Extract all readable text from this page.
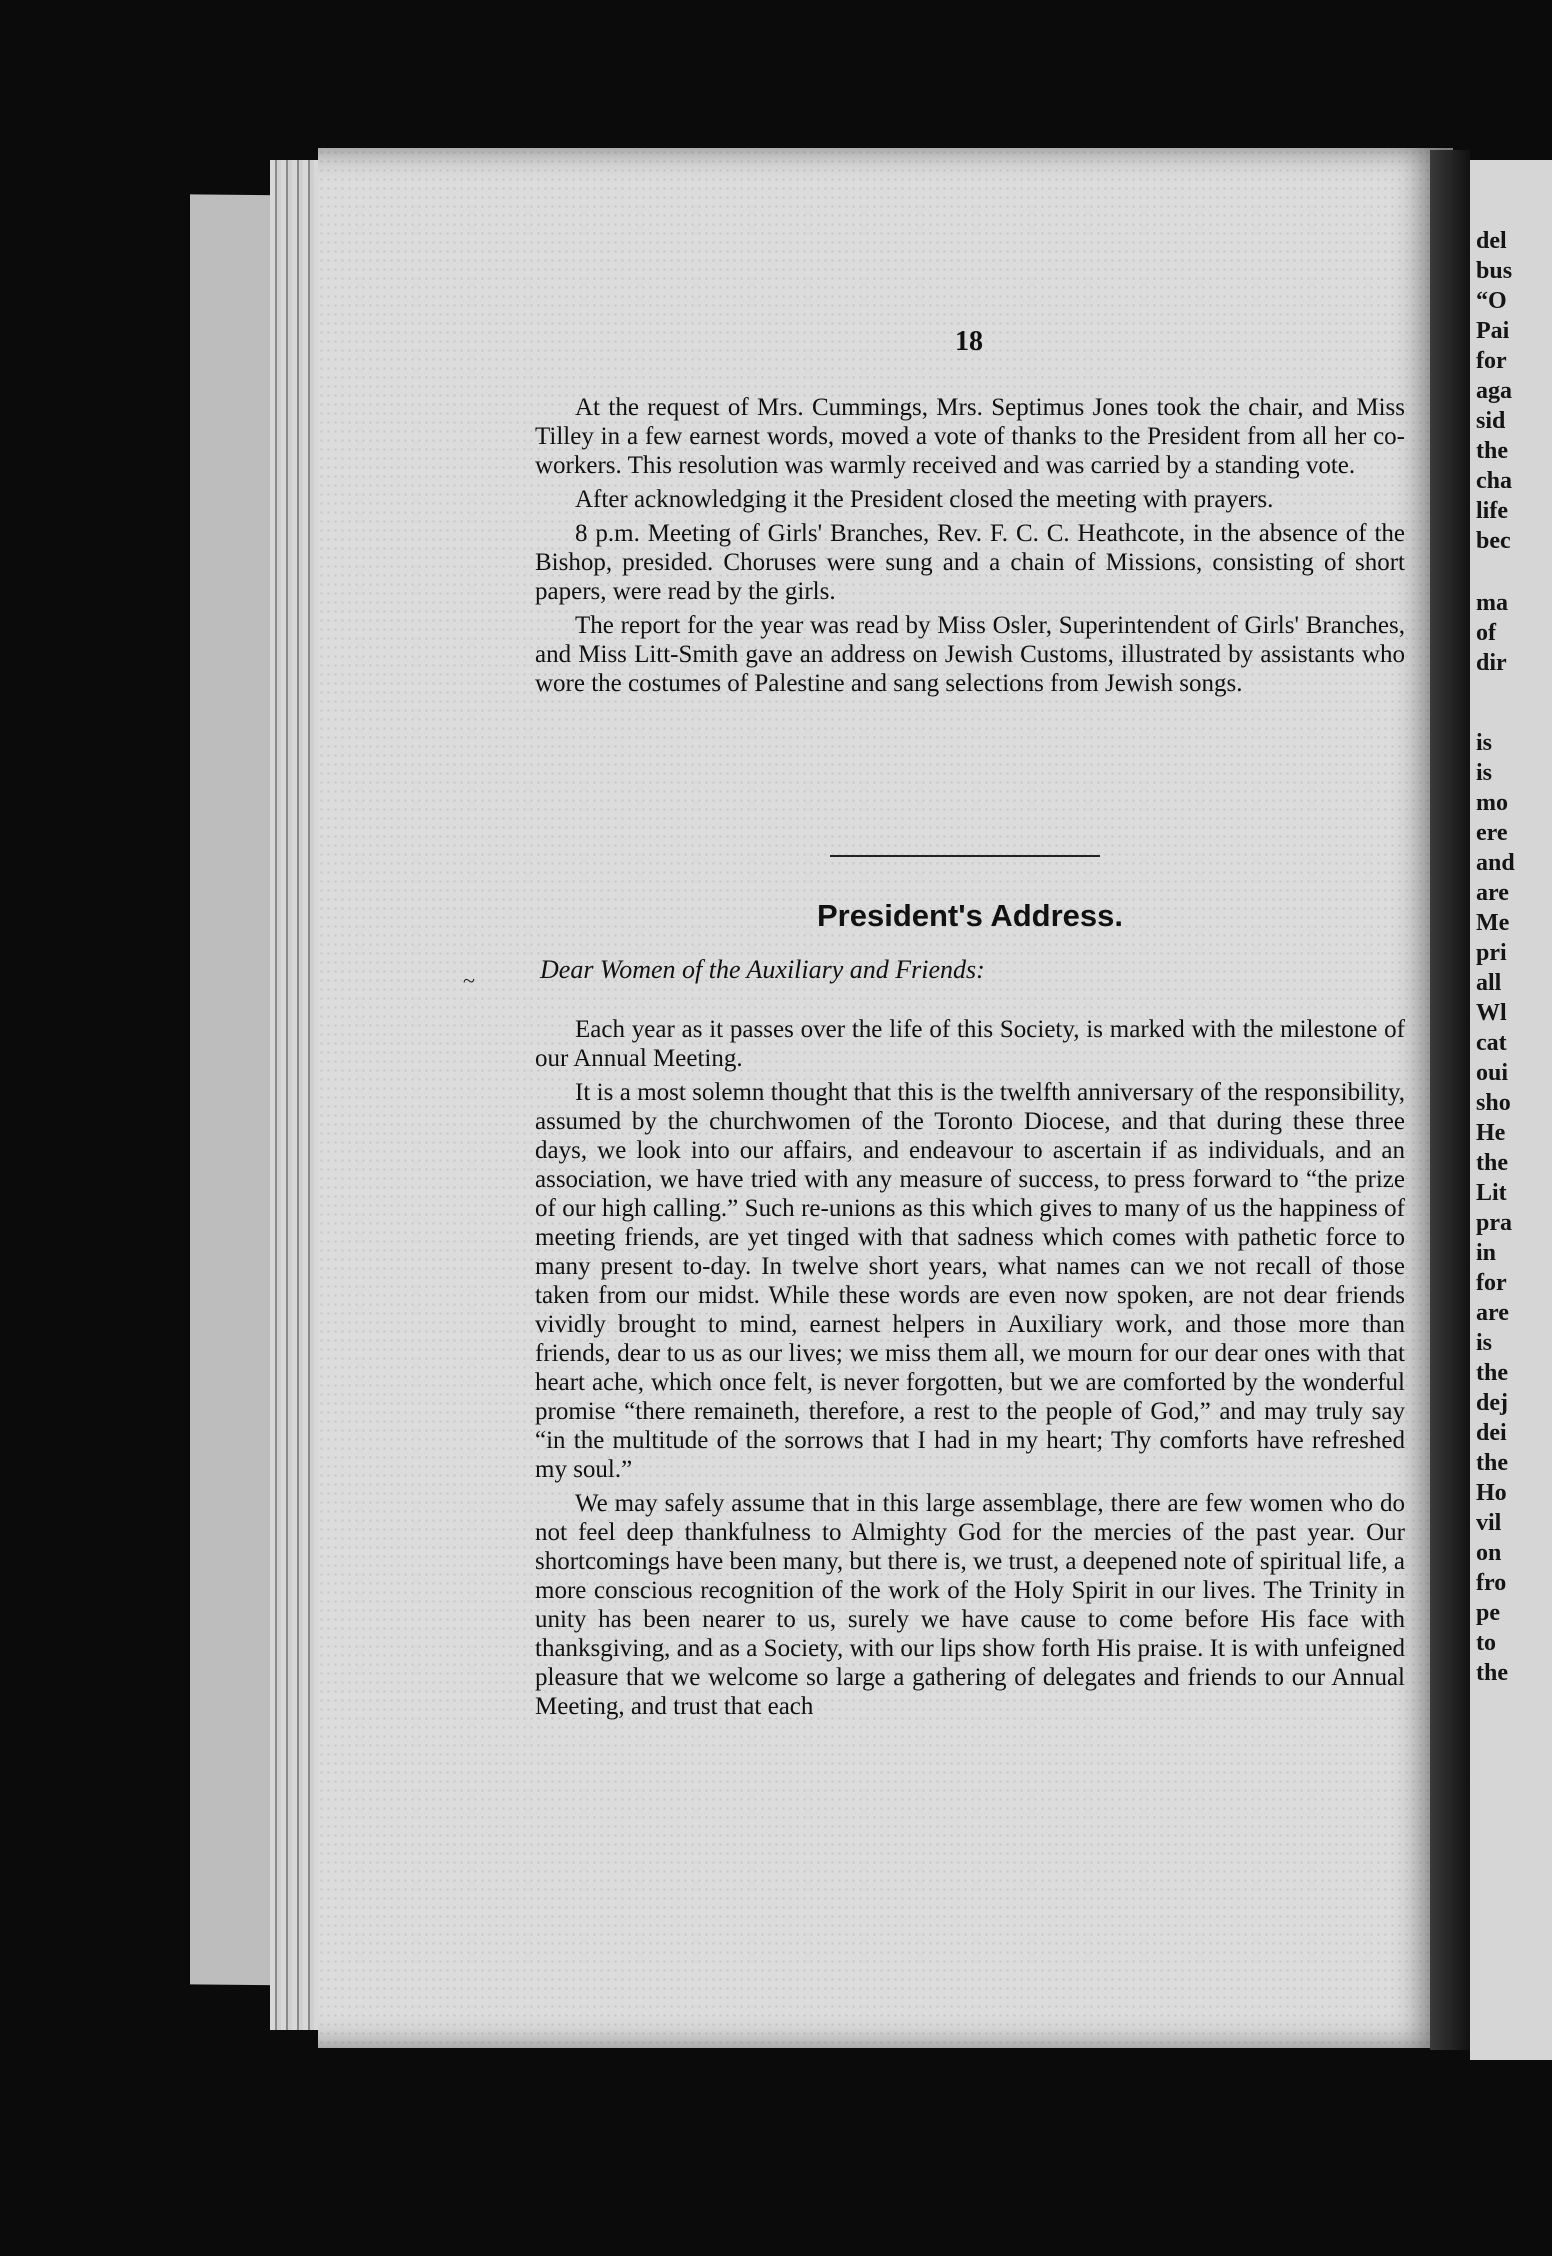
18

At the request of Mrs. Cummings, Mrs. Septimus Jones took the chair, and Miss Tilley in a few earnest words, moved a vote of thanks to the President from all her co-workers. This resolution was warmly received and was carried by a standing vote.

After acknowledging it the President closed the meeting with prayers.

8 p.m. Meeting of Girls' Branches, Rev. F. C. C. Heathcote, in the absence of the Bishop, presided. Choruses were sung and a chain of Missions, consisting of short papers, were read by the girls.

The report for the year was read by Miss Osler, Superintendent of Girls' Branches, and Miss Litt-Smith gave an address on Jewish Customs, illustrated by assistants who wore the costumes of Palestine and sang selections from Jewish songs.

President's Address.
Dear Women of the Auxiliary and Friends:

Each year as it passes over the life of this Society, is marked with the milestone of our Annual Meeting.

It is a most solemn thought that this is the twelfth anniversary of the responsibility, assumed by the churchwomen of the Toronto Diocese, and that during these three days, we look into our affairs, and endeavour to ascertain if as individuals, and an association, we have tried with any measure of success, to press forward to “the prize of our high calling.” Such re-unions as this which gives to many of us the happiness of meeting friends, are yet tinged with that sadness which comes with pathetic force to many present to-day. In twelve short years, what names can we not recall of those taken from our midst. While these words are even now spoken, are not dear friends vividly brought to mind, earnest helpers in Auxiliary work, and those more than friends, dear to us as our lives; we miss them all, we mourn for our dear ones with that heart ache, which once felt, is never forgotten, but we are comforted by the wonderful promise “there remaineth, therefore, a rest to the people of God,” and may truly say “in the multitude of the sorrows that I had in my heart; Thy comforts have refreshed my soul.”

We may safely assume that in this large assemblage, there are few women who do not feel deep thankfulness to Almighty God for the mercies of the past year. Our shortcomings have been many, but there is, we trust, a deepened note of spiritual life, a more conscious recognition of the work of the Holy Spirit in our lives. The Trinity in unity has been nearer to us, surely we have cause to come before His face with thanksgiving, and as a Society, with our lips show forth His praise. It is with unfeigned pleasure that we welcome so large a gathering of delegates and friends to our Annual Meeting, and trust that each

~
del
bus
“O
Pai
for
aga
sid
the
cha
life
bec
ma
of
dir
is
is
mo
ere
and
are
Me
pri
all
Wl
cat
oui
sho
He
the
Lit
pra
in
for
are
is
the
dej
dei
the
Ho
vil
on
fro
pe
to
the
